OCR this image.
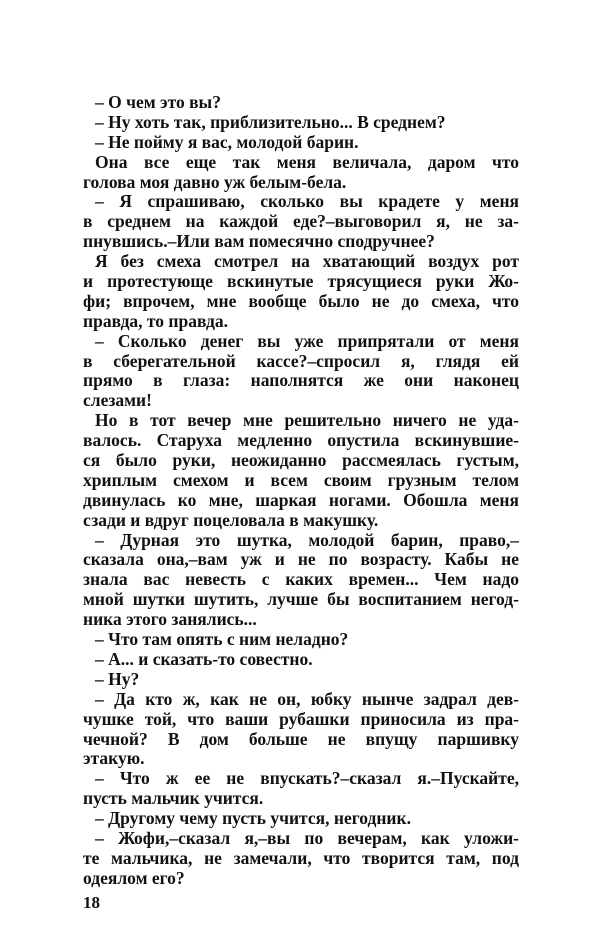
– О чем это вы?
– Ну хоть так, приблизительно... В среднем?
– Не пойму я вас, молодой барин.
Она все еще так меня величала, даром что
голова моя давно уж белым-бела.
– Я спрашиваю, сколько вы крадете у меня
в среднем на каждой еде?–выговорил я, не за-
пнувшись.–Или вам помесячно сподручнее?
Я без смеха смотрел на хватающий воздух рот
и протестующе вскинутые трясущиеся руки Жо-
фи; впрочем, мне вообще было не до смеха, что
правда, то правда.
– Сколько денег вы уже припрятали от меня
в сберегательной кассе?–спросил я, глядя ей
прямо в глаза: наполнятся же они наконец
слезами!
Но в тот вечер мне решительно ничего не уда-
валось. Старуха медленно опустила вскинувшие-
ся было руки, неожиданно рассмеялась густым,
хриплым смехом и всем своим грузным телом
двинулась ко мне, шаркая ногами. Обошла меня
сзади и вдруг поцеловала в макушку.
– Дурная это шутка, молодой барин, право,–
сказала она,–вам уж и не по возрасту. Кабы не
знала вас невесть с каких времен... Чем надо
мной шутки шутить, лучше бы воспитанием негод-
ника этого занялись...
– Что там опять с ним неладно?
– А... и сказать-то совестно.
– Ну?
– Да кто ж, как не он, юбку нынче задрал дев-
чушке той, что ваши рубашки приносила из пра-
чечной? В дом больше не впущу паршивку
этакую.
– Что ж ее не впускать?–сказал я.–Пускайте,
пусть мальчик учится.
– Другому чему пусть учится, негодник.
– Жофи,–сказал я,–вы по вечерам, как уложи-
те мальчика, не замечали, что творится там, под
одеялом его?
18
